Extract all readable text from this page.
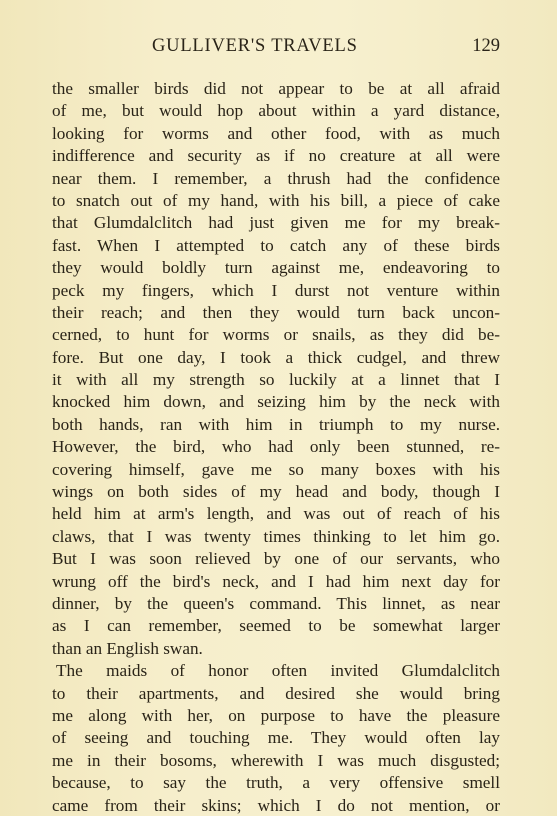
GULLIVER'S TRAVELS	129
the smaller birds did not appear to be at all afraid
of me, but would hop about within a yard distance,
looking for worms and other food, with as much
indifference and security as if no creature at all were
near them. I remember, a thrush had the confidence
to snatch out of my hand, with his bill, a piece of cake
that Glumdalclitch had just given me for my break-
fast. When I attempted to catch any of these birds
they would boldly turn against me, endeavoring to
peck my fingers, which I durst not venture within
their reach; and then they would turn back uncon-
cerned, to hunt for worms or snails, as they did be-
fore. But one day, I took a thick cudgel, and threw
it with all my strength so luckily at a linnet that I
knocked him down, and seizing him by the neck with
both hands, ran with him in triumph to my nurse.
However, the bird, who had only been stunned, re-
covering himself, gave me so many boxes with his
wings on both sides of my head and body, though I
held him at arm's length, and was out of reach of his
claws, that I was twenty times thinking to let him go.
But I was soon relieved by one of our servants, who
wrung off the bird's neck, and I had him next day for
dinner, by the queen's command. This linnet, as near
as I can remember, seemed to be somewhat larger
than an English swan.
The maids of honor often invited Glumdalclitch
to their apartments, and desired she would bring
me along with her, on purpose to have the pleasure
of seeing and touching me. They would often lay
me in their bosoms, wherewith I was much disgusted;
because, to say the truth, a very offensive smell
came from their skins; which I do not mention, or
